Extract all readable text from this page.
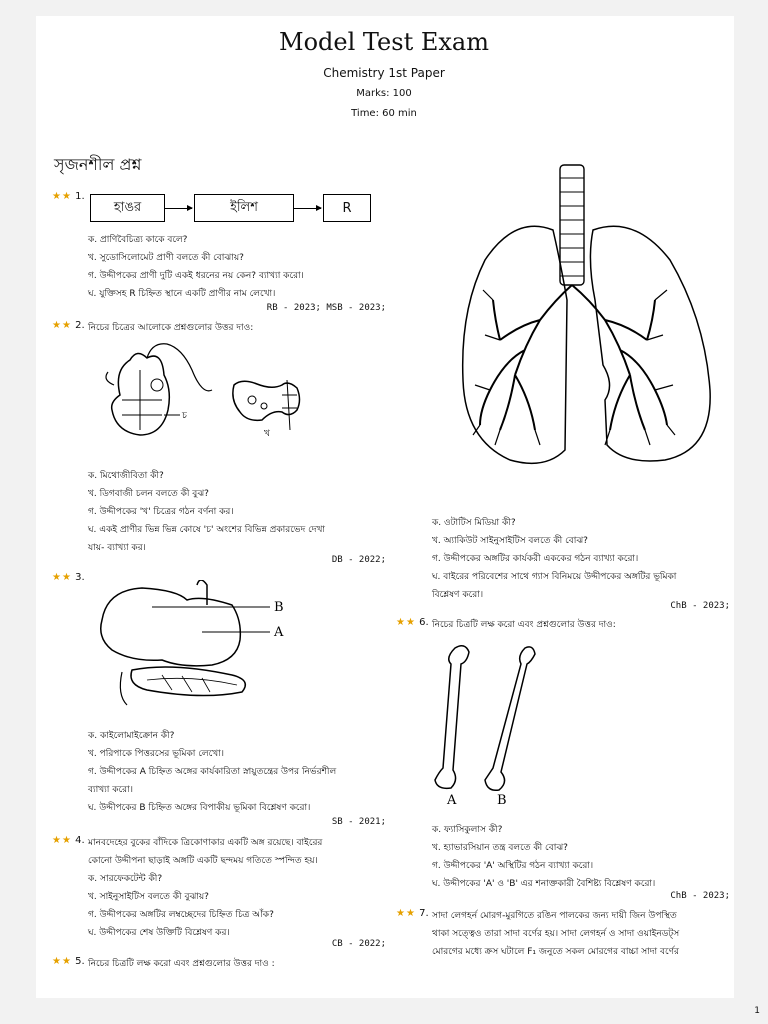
Model Test Exam
Chemistry 1st Paper
Marks: 100
Time: 60 min
সৃজনশীল প্রশ্ন
★★ 1.
হাঙর	ইলিশ	R
ক. প্রাণিবৈচিত্র্য কাকে বলে?
খ. সুডোসিলোমেট প্রাণী বলতে কী বোঝায়?
গ. উদ্দীপকের প্রাণী দুটি একই ধরনের নয় কেন? ব্যাখ্যা করো।
ঘ. যুক্তিসহ R চিহ্নিত স্থানে একটি প্রাণীর নাম লেখো।
RB - 2023; MSB - 2023;
★★ 2. নিচের চিত্রের আলোকে প্রশ্নগুলোর উত্তর দাও:
চ
খ
ক. মিথোজীবিতা কী?
খ. ডিগবাজী চলন বলতে কী বুঝ?
গ. উদ্দীপকের 'খ' চিত্রের গঠন বর্ণনা কর।
ঘ. একই প্রাণীর ভিন্ন ভিন্ন কোষে 'চ' অংশের বিভিন্ন প্রকারভেদ দেখা
যায়- ব্যাখ্যা কর।
DB - 2022;
★★ 3.
B
A
ক. কাইলোমাইক্রোন কী?
খ. পরিপাকে পিত্তরসের ভূমিকা লেখো।
গ. উদ্দীপকের A চিহ্নিত অঙ্গের কার্যকারিতা স্নায়ুতন্ত্রের উপর নির্ভরশীল
ব্যাখ্যা করো।
ঘ. উদ্দীপকের B চিহ্নিত অঙ্গের বিপাকীয় ভূমিকা বিশ্লেষণ করো।
SB - 2021;
★★ 4. মানবদেহের বুকের বাঁদিকে ত্রিকোণাকার একটি অঙ্গ রয়েছে। বাইরের
কোনো উদ্দীপনা ছাড়াই অঙ্গটি একটি ছন্দময় গতিতে স্পন্দিত হয়।
ক. সারফেকটেন্ট কী?
খ. সাইনুসাইটিস বলতে কী বুঝায়?
গ. উদ্দীপকের অঙ্গটির লম্বচ্ছেদের চিহ্নিত চিত্র আঁক?
ঘ. উদ্দীপকের শেষ উক্তিটি বিশ্লেষণ কর।
CB - 2022;
★★ 5. নিচের চিত্রটি লক্ষ করো এবং প্রশ্নগুলোর উত্তর দাও :
ক. ওটাটিস মিডিয়া কী?
খ. অ্যাকিউট সাইনুসাইটিস বলতে কী বোঝ?
গ. উদ্দীপকের অঙ্গটির কার্যকরী এককের গঠন ব্যাখ্যা করো।
ঘ. বাইরের পরিবেশের সাথে গ্যাস বিনিময়ে উদ্দীপকের অঙ্গটির ভূমিকা
বিশ্লেষণ করো।
ChB - 2023;
★★ 6. নিচের চিত্রটি লক্ষ করো এবং প্রশ্নগুলোর উত্তর দাও:
A	B
ক. ফ্যাসিকুলাস কী?
খ. হ্যাভারসিয়ান তন্ত্র বলতে কী বোঝ?
গ. উদ্দীপকের 'A' অস্থিটির গঠন ব্যাখ্যা করো।
ঘ. উদ্দীপকের 'A' ও 'B' এর শনাক্তকারী বৈশিষ্ট্য বিশ্লেষণ করো।
ChB - 2023;
★★ 7. সাদা লেগহর্ন মোরগ-মুরগিতে রঙিন পালকের জন্য দায়ী জিন উপস্থিত
থাকা সত্ত্বেও তারা সাদা বর্ণের হয়। সাদা লেগহর্ন ও সাদা ওয়াইনডট্স
মোরগের মধ্যে ক্রস ঘটালে F₁ জনুতে সকল মোরগের বাচ্চা সাদা বর্ণের
1
